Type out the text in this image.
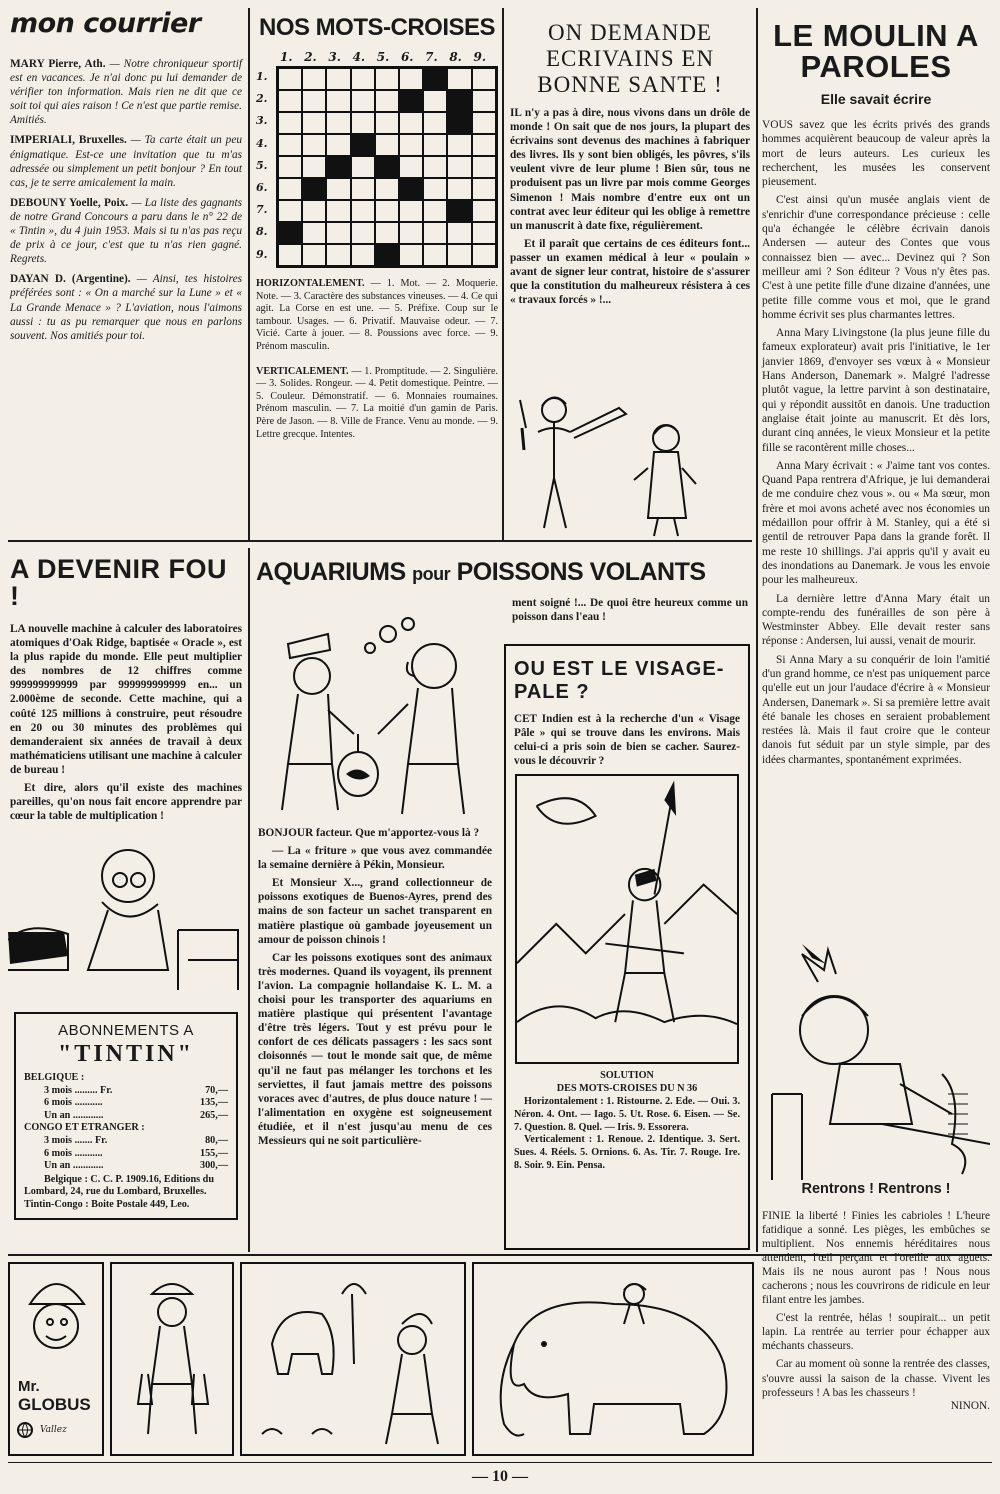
mon courrier

MARY Pierre, Ath. — Notre chroniqueur sportif est en vacances. Je n'ai donc pu lui demander de vérifier ton information. Mais rien ne dit que ce soit toi qui aies raison ! Ce n'est que partie remise. Amitiés.

IMPERIALI, Bruxelles. — Ta carte était un peu énigmatique. Est-ce une invitation que tu m'as adressée ou simplement un petit bonjour ? En tout cas, je te serre amicalement la main.

DEBOUNY Yoelle, Poix. — La liste des gagnants de notre Grand Concours a paru dans le n° 22 de « Tintin », du 4 juin 1953. Mais si tu n'as pas reçu de prix à ce jour, c'est que tu n'as rien gagné. Regrets.

DAYAN D. (Argentine). — Ainsi, tes histoires préférées sont : « On a marché sur la Lune » et « La Grande Menace » ? L'aviation, nous l'aimons aussi : tu as pu remarquer que nous en parlons souvent. Nos amitiés pour toi.

NOS MOTS-CROISES
1. 2. 3. 4. 5. 6. 7. 8. 9.
1.
2.
3.
4.
5.
6.
7.
8.
9.
HORIZONTALEMENT. — 1. Mot. — 2. Moquerie. Note. — 3. Caractère des substances vineuses. — 4. Ce qui agit. La Corse en est une. — 5. Préfixe. Coup sur le tambour. Usages. — 6. Privatif. Mauvaise odeur. — 7. Vicié. Carte à jouer. — 8. Poussions avec force. — 9. Prénom masculin.
VERTICALEMENT. — 1. Promptitude. — 2. Singulière. — 3. Solides. Rongeur. — 4. Petit domestique. Peintre. — 5. Couleur. Démonstratif. — 6. Monnaies roumaines. Prénom masculin. — 7. La moitié d'un gamin de Paris. Père de Jason. — 8. Ville de France. Venu au monde. — 9. Lettre grecque. Intentes.
ON DEMANDE ECRIVAINS EN BONNE SANTE !

IL n'y a pas à dire, nous vivons dans un drôle de monde ! On sait que de nos jours, la plupart des écrivains sont devenus des machines à fabriquer des livres. Ils y sont bien obligés, les pôvres, s'ils veulent vivre de leur plume ! Bien sûr, tous ne produisent pas un livre par mois comme Georges Simenon ! Mais nombre d'entre eux ont un contrat avec leur éditeur qui les oblige à remettre un manuscrit à date fixe, régulièrement.

Et il paraît que certains de ces éditeurs font... passer un examen médical à leur « poulain » avant de signer leur contrat, histoire de s'assurer que la constitution du malheureux résistera à ces « travaux forcés » !...

LE MOULIN A PAROLES
Elle savait écrire

VOUS savez que les écrits privés des grands hommes acquièrent beaucoup de valeur après la mort de leurs auteurs. Les curieux les recherchent, les musées les conservent pieusement.

C'est ainsi qu'un musée anglais vient de s'enrichir d'une correspondance précieuse : celle qu'a échangée le célèbre écrivain danois Andersen — auteur des Contes que vous connaissez bien — avec... Devinez qui ? Son meilleur ami ? Son éditeur ? Vous n'y êtes pas. C'est à une petite fille d'une dizaine d'années, une petite fille comme vous et moi, que le grand homme écrivit ses plus charmantes lettres.

Anna Mary Livingstone (la plus jeune fille du fameux explorateur) avait pris l'initiative, le 1er janvier 1869, d'envoyer ses vœux à « Monsieur Hans Anderson, Danemark ». Malgré l'adresse plutôt vague, la lettre parvint à son destinataire, qui y répondit aussitôt en danois. Une traduction anglaise était jointe au manuscrit. Et dès lors, durant cinq années, le vieux Monsieur et la petite fille se racontèrent mille choses...

Anna Mary écrivait : « J'aime tant vos contes. Quand Papa rentrera d'Afrique, je lui demanderai de me conduire chez vous ». ou « Ma sœur, mon frère et moi avons acheté avec nos économies un médaillon pour offrir à M. Stanley, qui a été si gentil de retrouver Papa dans la grande forêt. Il me reste 10 shillings. J'ai appris qu'il y avait eu des inondations au Danemark. Je vous les envoie pour les malheureux.

La dernière lettre d'Anna Mary était un compte-rendu des funérailles de son père à Westminster Abbey. Elle devait rester sans réponse : Andersen, lui aussi, venait de mourir.

Si Anna Mary a su conquérir de loin l'amitié d'un grand homme, ce n'est pas uniquement parce qu'elle eut un jour l'audace d'écrire à « Monsieur Andersen, Danemark ». Si sa première lettre avait été banale les choses en seraient probablement restées là. Mais il faut croire que le conteur danois fut séduit par un style simple, par des idées charmantes, spontanément exprimées.

Rentrons ! Rentrons !

FINIE la liberté ! Finies les cabrioles ! L'heure fatidique a sonné. Les pièges, les embûches se multiplient. Nos ennemis héréditaires nous attendent, l'œil perçant et l'oreille aux aguets. Mais ils ne nous auront pas ! Nous nous cacherons ; nous les couvrirons de ridicule en leur filant entre les jambes.

C'est la rentrée, hélas ! soupirait... un petit lapin. La rentrée au terrier pour échapper aux méchants chasseurs.

Car au moment où sonne la rentrée des classes, s'ouvre aussi la saison de la chasse. Vivent les professeurs ! A bas les chasseurs !

NINON.
A DEVENIR FOU !

LA nouvelle machine à calculer des laboratoires atomiques d'Oak Ridge, baptisée « Oracle », est la plus rapide du monde. Elle peut multiplier des nombres de 12 chiffres comme 999999999999 par 999999999999 en... un 2.000ème de seconde. Cette machine, qui a coûté 125 millions à construire, peut résoudre en 20 ou 30 minutes des problèmes qui demanderaient six années de travail à deux mathématiciens utilisant une machine à calculer de bureau !

Et dire, alors qu'il existe des machines pareilles, qu'on nous fait encore apprendre par cœur la table de multiplication !

ABONNEMENTS A
"TINTIN"
BELGIQUE :
3 mois ......... Fr.	70,—
6 mois ...........	135,—
Un an ............	265,—
CONGO ET ETRANGER :
3 mois ....... Fr.	80,—
6 mois ...........	155,—
Un an ............	300,—
Belgique : C. C. P. 1909.16, Editions du Lombard, 24, rue du Lombard, Bruxelles. Tintin-Congo : Boite Postale 449, Leo.
AQUARIUMS pour POISSONS VOLANTS
ment soigné !... De quoi être heureux comme un poisson dans l'eau !

BONJOUR facteur. Que m'apportez-vous là ?

— La « friture » que vous avez commandée la semaine dernière à Pékin, Monsieur.

Et Monsieur X..., grand collectionneur de poissons exotiques de Buenos-Ayres, prend des mains de son facteur un sachet transparent en matière plastique où gambade joyeusement un amour de poisson chinois !

Car les poissons exotiques sont des animaux très modernes. Quand ils voyagent, ils prennent l'avion. La compagnie hollandaise K. L. M. a choisi pour les transporter des aquariums en matière plastique qui présentent l'avantage d'être très légers. Tout y est prévu pour le confort de ces délicats passagers : les sacs sont cloisonnés — tout le monde sait que, de même qu'il ne faut pas mélanger les torchons et les serviettes, il faut jamais mettre des poissons voraces avec d'autres, de plus douce nature ! — l'alimentation en oxygène est soigneusement étudiée, et il n'est jusqu'au menu de ces Messieurs qui ne soit particulière-

OU EST LE VISAGE-PALE ?

CET Indien est à la recherche d'un « Visage Pâle » qui se trouve dans les environs. Mais celui-ci a pris soin de bien se cacher. Saurez-vous le découvrir ?

SOLUTION
DES MOTS-CROISES DU N 36

Horizontalement : 1. Ristourne. 2. Ede. — Oui. 3. Néron. 4. Ont. — Iago. 5. Ut. Rose. 6. Eisen. — Se. 7. Question. 8. Quel. — Iris. 9. Essorera.

Verticalement : 1. Renoue. 2. Identique. 3. Sert. Sues. 4. Réels. 5. Ornions. 6. As. Tir. 7. Rouge. Ire. 8. Soir. 9. Ein. Pensa.

Mr.
GLOBUS
Vallez
— 10 —
